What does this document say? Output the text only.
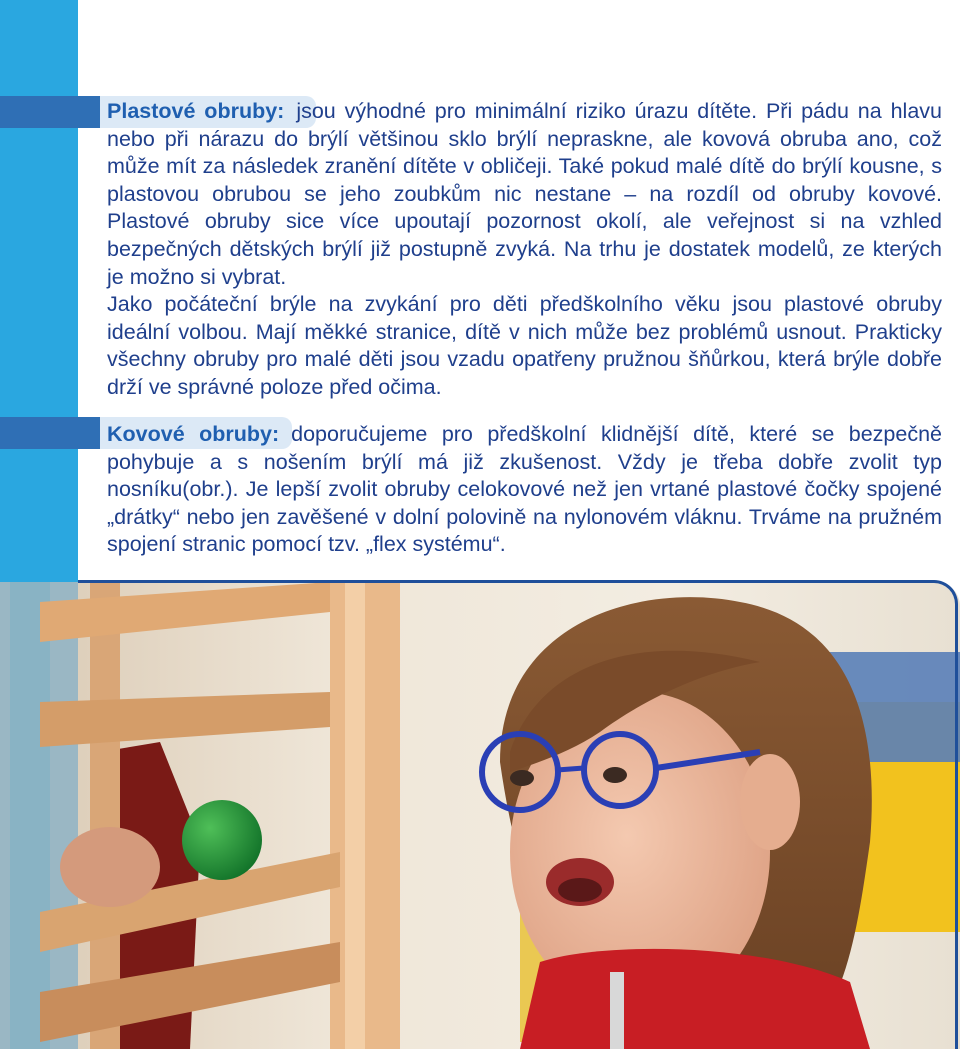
Plastové obruby: jsou výhodné pro minimální riziko úrazu dítěte. Při pádu na hlavu nebo při nárazu do brýlí většinou sklo brýlí nepraskne, ale kovová obruba ano, což může mít za následek zranění dítěte v obličeji. Také pokud malé dítě do brýlí kousne, s plastovou obrubou se jeho zoubkům nic nestane – na rozdíl od obruby kovové. Plastové obruby sice více upoutají pozornost okolí, ale veřejnost si na vzhled bezpečných dětských brýlí již postupně zvyká. Na trhu je dostatek modelů, ze kterých je možno si vybrat.

Jako počáteční brýle na zvykání pro děti předškolního věku jsou plastové obruby ideální volbou. Mají měkké stranice, dítě v nich může bez problémů usnout. Prakticky všechny obruby pro malé děti jsou vzadu opatřeny pružnou šňůrkou, která brýle dobře drží ve správné poloze před očima.

Kovové obruby: doporučujeme pro předškolní klidnější dítě, které se bezpečně pohybuje a s nošením brýlí má již zkušenost. Vždy je třeba dobře zvolit typ nosníku(obr.). Je lepší zvolit obruby celokovové než jen vrtané plastové čočky spojené „drátky“ nebo jen zavěšené v dolní polovině na nylonovém vláknu. Trváme na pružném spojení stranic pomocí tzv. „flex systému“.
